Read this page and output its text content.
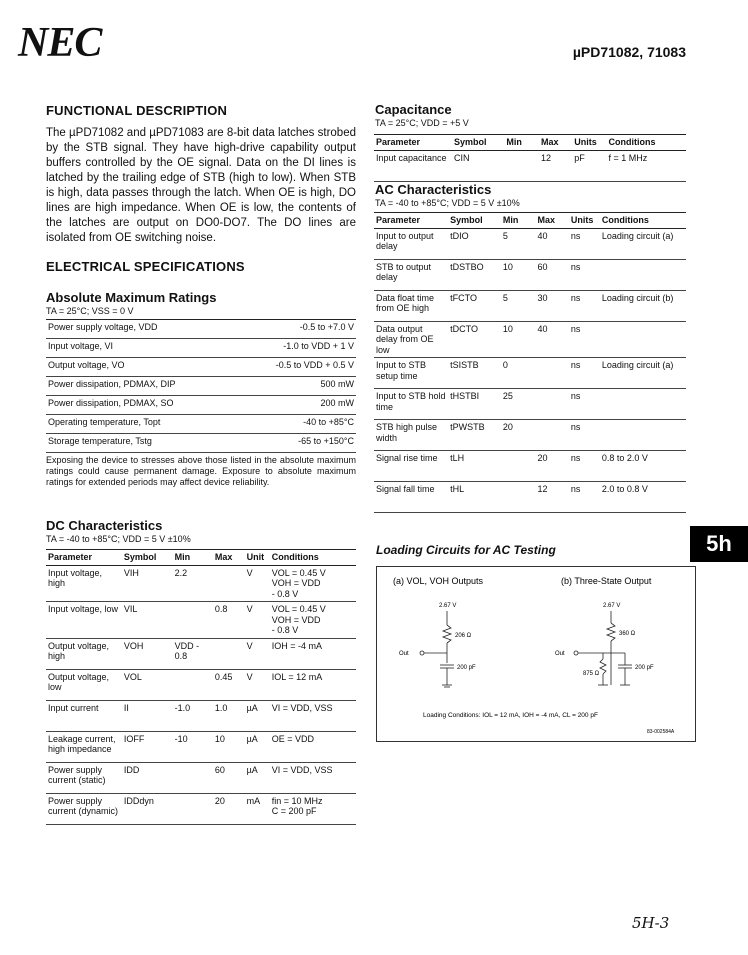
NEC	µPD71082, 71083
FUNCTIONAL DESCRIPTION
The µPD71082 and µPD71083 are 8-bit data latches strobed by the STB signal. They have high-drive capability output buffers controlled by the OE signal. Data on the DI lines is latched by the trailing edge of STB (high to low). When STB is high, data passes through the latch. When OE is high, DO lines are high impedance. When OE is low, the contents of the latches are output on DO0-DO7. The DO lines are isolated from OE switching noise.
ELECTRICAL SPECIFICATIONS
Absolute Maximum Ratings
TA = 25°C; VSS = 0 V
Power supply voltage, VDD	-0.5 to +7.0 V
Input voltage, VI	-1.0 to VDD + 1 V
Output voltage, VO	-0.5 to VDD + 0.5 V
Power dissipation, PDMAX, DIP	500 mW
Power dissipation, PDMAX, SO	200 mW
Operating temperature, Topt	-40 to +85°C
Storage temperature, Tstg	-65 to +150°C
Exposing the device to stresses above those listed in the absolute maximum ratings could cause permanent damage. Exposure to absolute maximum ratings for extended periods may affect device reliability.
DC Characteristics
TA = -40 to +85°C; VDD = 5 V ±10%
Parameter	Symbol	Min	Max	Unit	Conditions
Input voltage, high	VIH	2.2		V	VOL = 0.45 V
VOH = VDD
- 0.8 V
Input voltage, low	VIL		0.8	V	VOL = 0.45 V
VOH = VDD
- 0.8 V
Output voltage, high	VOH	VDD - 0.8		V	IOH = -4 mA
Output voltage, low	VOL		0.45	V	IOL = 12 mA
Input current	II	-1.0	1.0	µA	VI = VDD, VSS
Leakage current, high impedance	IOFF	-10	10	µA	OE = VDD
Power supply current (static)	IDD		60	µA	VI = VDD, VSS
Power supply current (dynamic)	IDDdyn		20	mA	fin = 10 MHz
C = 200 pF
Capacitance
TA = 25°C; VDD = +5 V
Parameter	Symbol	Min	Max	Units	Conditions
Input capacitance	CIN		12	pF	f = 1 MHz
AC Characteristics
TA = -40 to +85°C; VDD = 5 V ±10%
Parameter	Symbol	Min	Max	Units	Conditions
Input to output delay	tDIO	5	40	ns	Loading circuit (a)
STB to output delay	tDSTBO	10	60	ns	
Data float time from OE high	tFCTO	5	30	ns	Loading circuit (b)
Data output delay from OE low	tDCTO	10	40	ns	
Input to STB setup time	tSISTB	0		ns	Loading circuit (a)
Input to STB hold time	tHSTBI	25		ns	
STB high pulse width	tPWSTB	20		ns	
Signal rise time	tLH		20	ns	0.8 to 2.0 V
Signal fall time	tHL		12	ns	2.0 to 0.8 V
5h
Loading Circuits for AC Testing
(a) VOL, VOH Outputs
2.67 V
206 Ω
Out
200 pF
(b) Three-State Output
2.67 V
360 Ω
Out
875 Ω
200 pF
Loading Conditions: IOL = 12 mA, IOH = -4 mA, CL = 200 pF
83-002584A
5H-3
